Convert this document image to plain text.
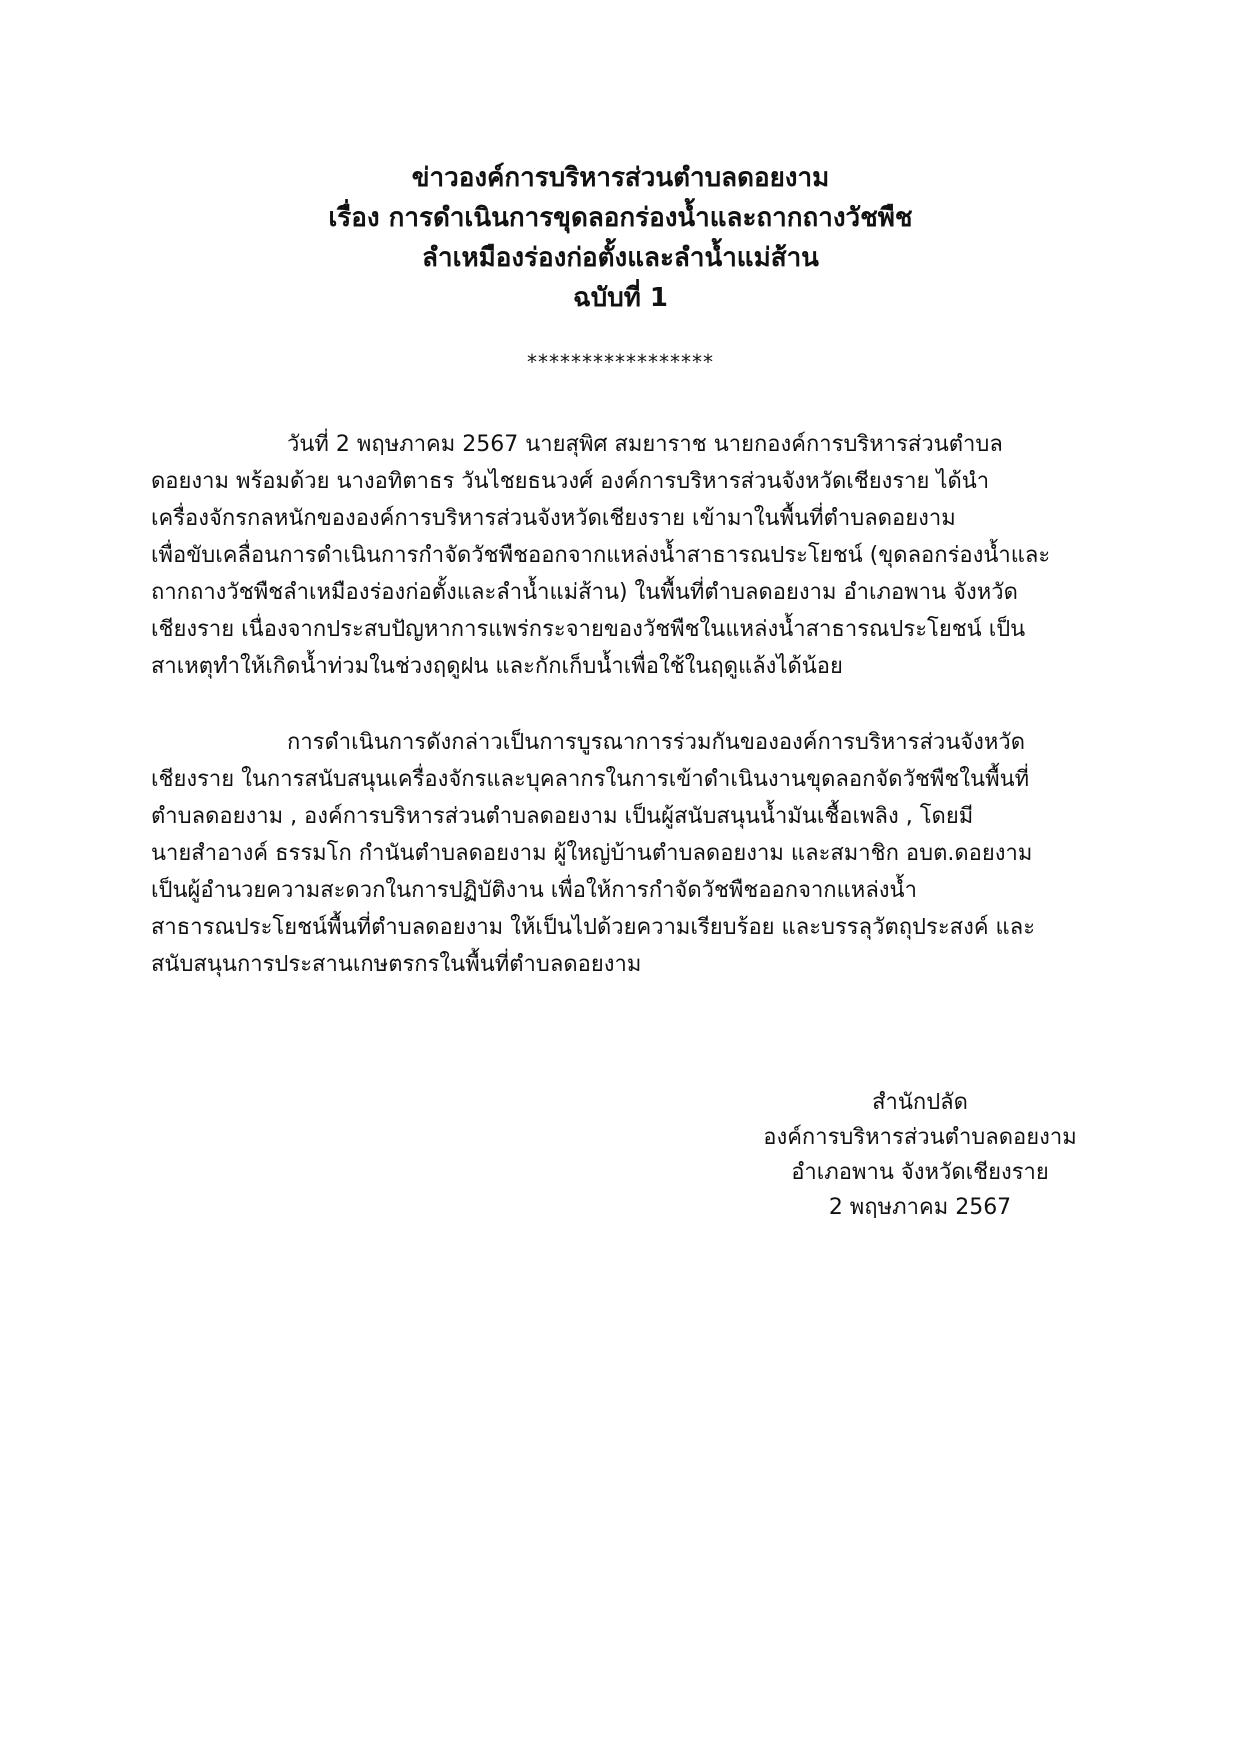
ข่าวองค์การบริหารส่วนตำบลดอยงาม
เรื่อง การดำเนินการขุดลอกร่องน้ำและถากถางวัชพืช
ลำเหมืองร่องก่อตั้งและลำน้ำแม่ส้าน
ฉบับที่ 1
*****************
วันที่ 2 พฤษภาคม 2567 นายสุพิศ สมยาราช นายกองค์การบริหารส่วนตำบล
ดอยงาม พร้อมด้วย นางอทิตาธร วันไชยธนวงศ์ องค์การบริหารส่วนจังหวัดเชียงราย ได้นำ
เครื่องจักรกลหนักขององค์การบริหารส่วนจังหวัดเชียงราย เข้ามาในพื้นที่ตำบลดอยงาม
เพื่อขับเคลื่อนการดำเนินการกำจัดวัชพืชออกจากแหล่งน้ำสาธารณประโยชน์ (ขุดลอกร่องน้ำและ
ถากถางวัชพืชลำเหมืองร่องก่อตั้งและลำน้ำแม่ส้าน) ในพื้นที่ตำบลดอยงาม อำเภอพาน จังหวัด
เชียงราย เนื่องจากประสบปัญหาการแพร่กระจายของวัชพืชในแหล่งน้ำสาธารณประโยชน์ เป็น
สาเหตุทำให้เกิดน้ำท่วมในช่วงฤดูฝน และกักเก็บน้ำเพื่อใช้ในฤดูแล้งได้น้อย
การดำเนินการดังกล่าวเป็นการบูรณาการร่วมกันขององค์การบริหารส่วนจังหวัด
เชียงราย ในการสนับสนุนเครื่องจักรและบุคลากรในการเข้าดำเนินงานขุดลอกจัดวัชพืชในพื้นที่
ตำบลดอยงาม , องค์การบริหารส่วนตำบลดอยงาม เป็นผู้สนับสนุนน้ำมันเชื้อเพลิง , โดยมี
นายสำอางค์ ธรรมโก กำนันตำบลดอยงาม ผู้ใหญ่บ้านตำบลดอยงาม และสมาชิก อบต.ดอยงาม
เป็นผู้อำนวยความสะดวกในการปฏิบัติงาน เพื่อให้การกำจัดวัชพืชออกจากแหล่งน้ำ
สาธารณประโยชน์พื้นที่ตำบลดอยงาม ให้เป็นไปด้วยความเรียบร้อย และบรรลุวัตถุประสงค์ และ
สนับสนุนการประสานเกษตรกรในพื้นที่ตำบลดอยงาม
สำนักปลัด
องค์การบริหารส่วนตำบลดอยงาม
อำเภอพาน จังหวัดเชียงราย
2 พฤษภาคม 2567
